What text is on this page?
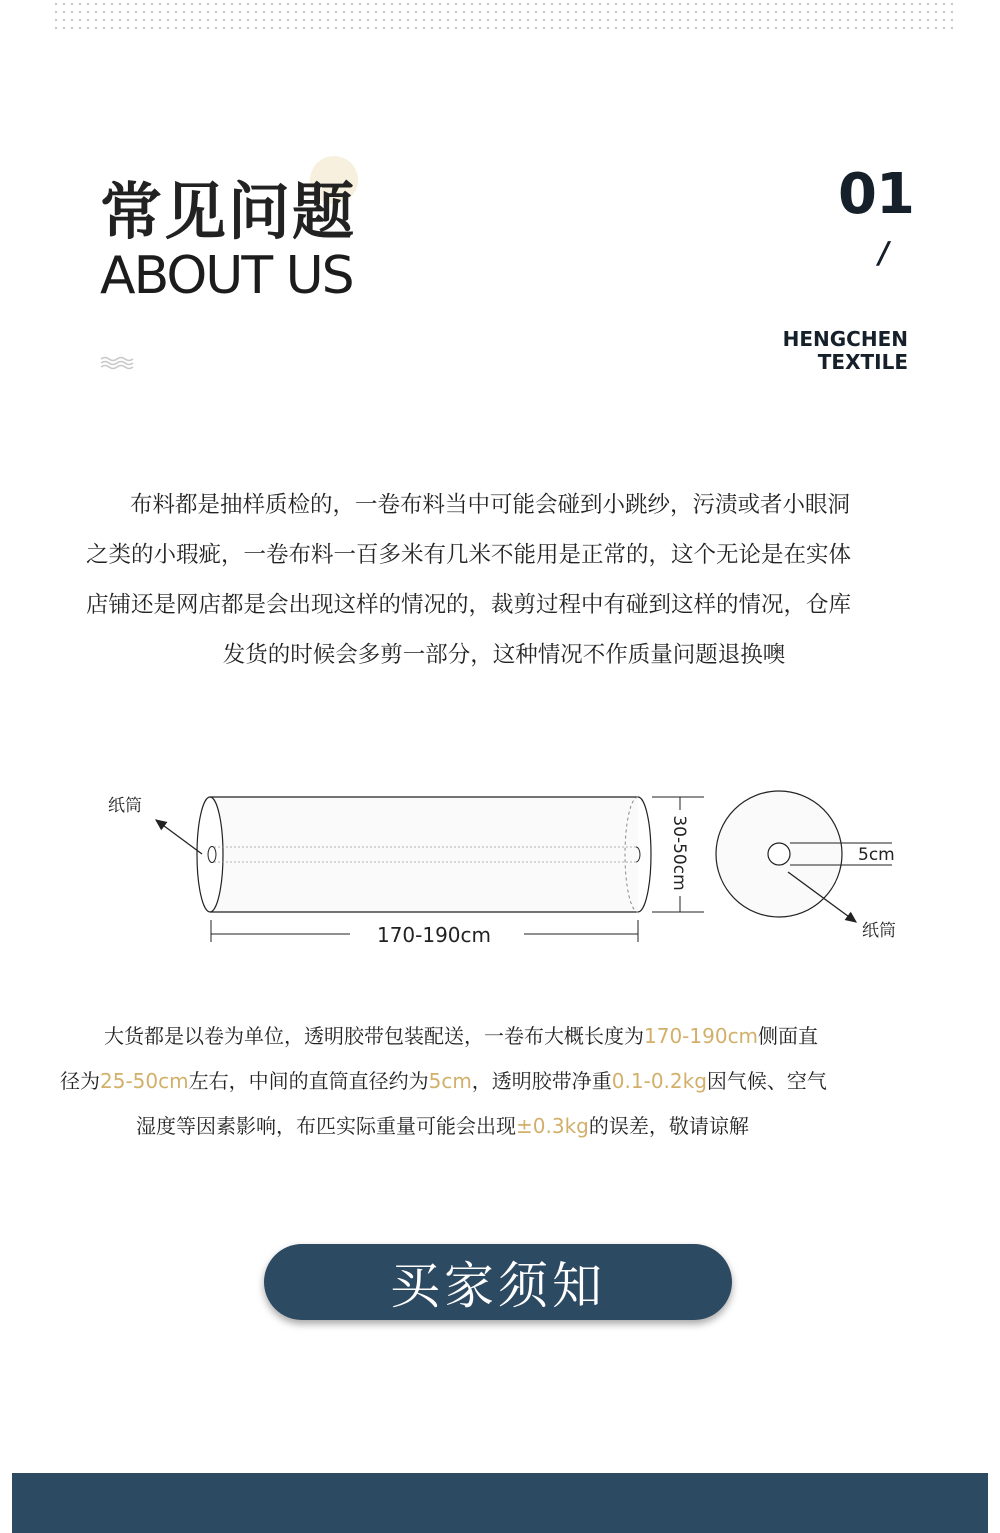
常见问题
ABOUT US
01
/
HENGCHEN
TEXTILE

布料都是抽样质检的，一卷布料当中可能会碰到小跳纱，污渍或者小眼洞

之类的小瑕疵，一卷布料一百多米有几米不能用是正常的，这个无论是在实体

店铺还是网店都是会出现这样的情况的，裁剪过程中有碰到这样的情况，仓库

发货的时候会多剪一部分，这种情况不作质量问题退换噢

纸筒
170-190cm
30-50cm	5cm
纸筒

大货都是以卷为单位，透明胶带包装配送，一卷布大概长度为170-190cm侧面直

径为25-50cm左右，中间的直筒直径约为5cm，透明胶带净重0.1-0.2kg因气候、空气

湿度等因素影响，布匹实际重量可能会出现±0.3kg的误差，敬请谅解

买家须知
